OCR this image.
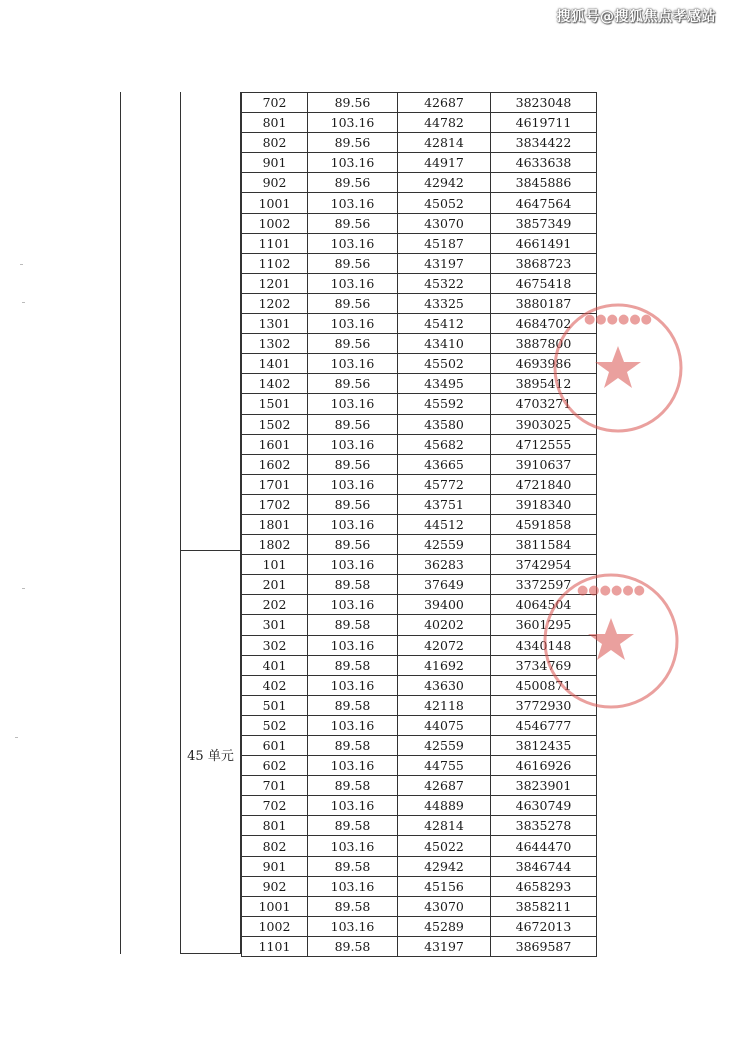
搜狐号@搜狐焦点孝感站
45 单元
702	89.56	42687	3823048
801	103.16	44782	4619711
802	89.56	42814	3834422
901	103.16	44917	4633638
902	89.56	42942	3845886
1001	103.16	45052	4647564
1002	89.56	43070	3857349
1101	103.16	45187	4661491
1102	89.56	43197	3868723
1201	103.16	45322	4675418
1202	89.56	43325	3880187
1301	103.16	45412	4684702
1302	89.56	43410	3887800
1401	103.16	45502	4693986
1402	89.56	43495	3895412
1501	103.16	45592	4703271
1502	89.56	43580	3903025
1601	103.16	45682	4712555
1602	89.56	43665	3910637
1701	103.16	45772	4721840
1702	89.56	43751	3918340
1801	103.16	44512	4591858
1802	89.56	42559	3811584
101	103.16	36283	3742954
201	89.58	37649	3372597
202	103.16	39400	4064504
301	89.58	40202	3601295
302	103.16	42072	4340148
401	89.58	41692	3734769
402	103.16	43630	4500871
501	89.58	42118	3772930
502	103.16	44075	4546777
601	89.58	42559	3812435
602	103.16	44755	4616926
701	89.58	42687	3823901
702	103.16	44889	4630749
801	89.58	42814	3835278
802	103.16	45022	4644470
901	89.58	42942	3846744
902	103.16	45156	4658293
1001	89.58	43070	3858211
1002	103.16	45289	4672013
1101	89.58	43197	3869587
●●●●●●
●●●●●●
